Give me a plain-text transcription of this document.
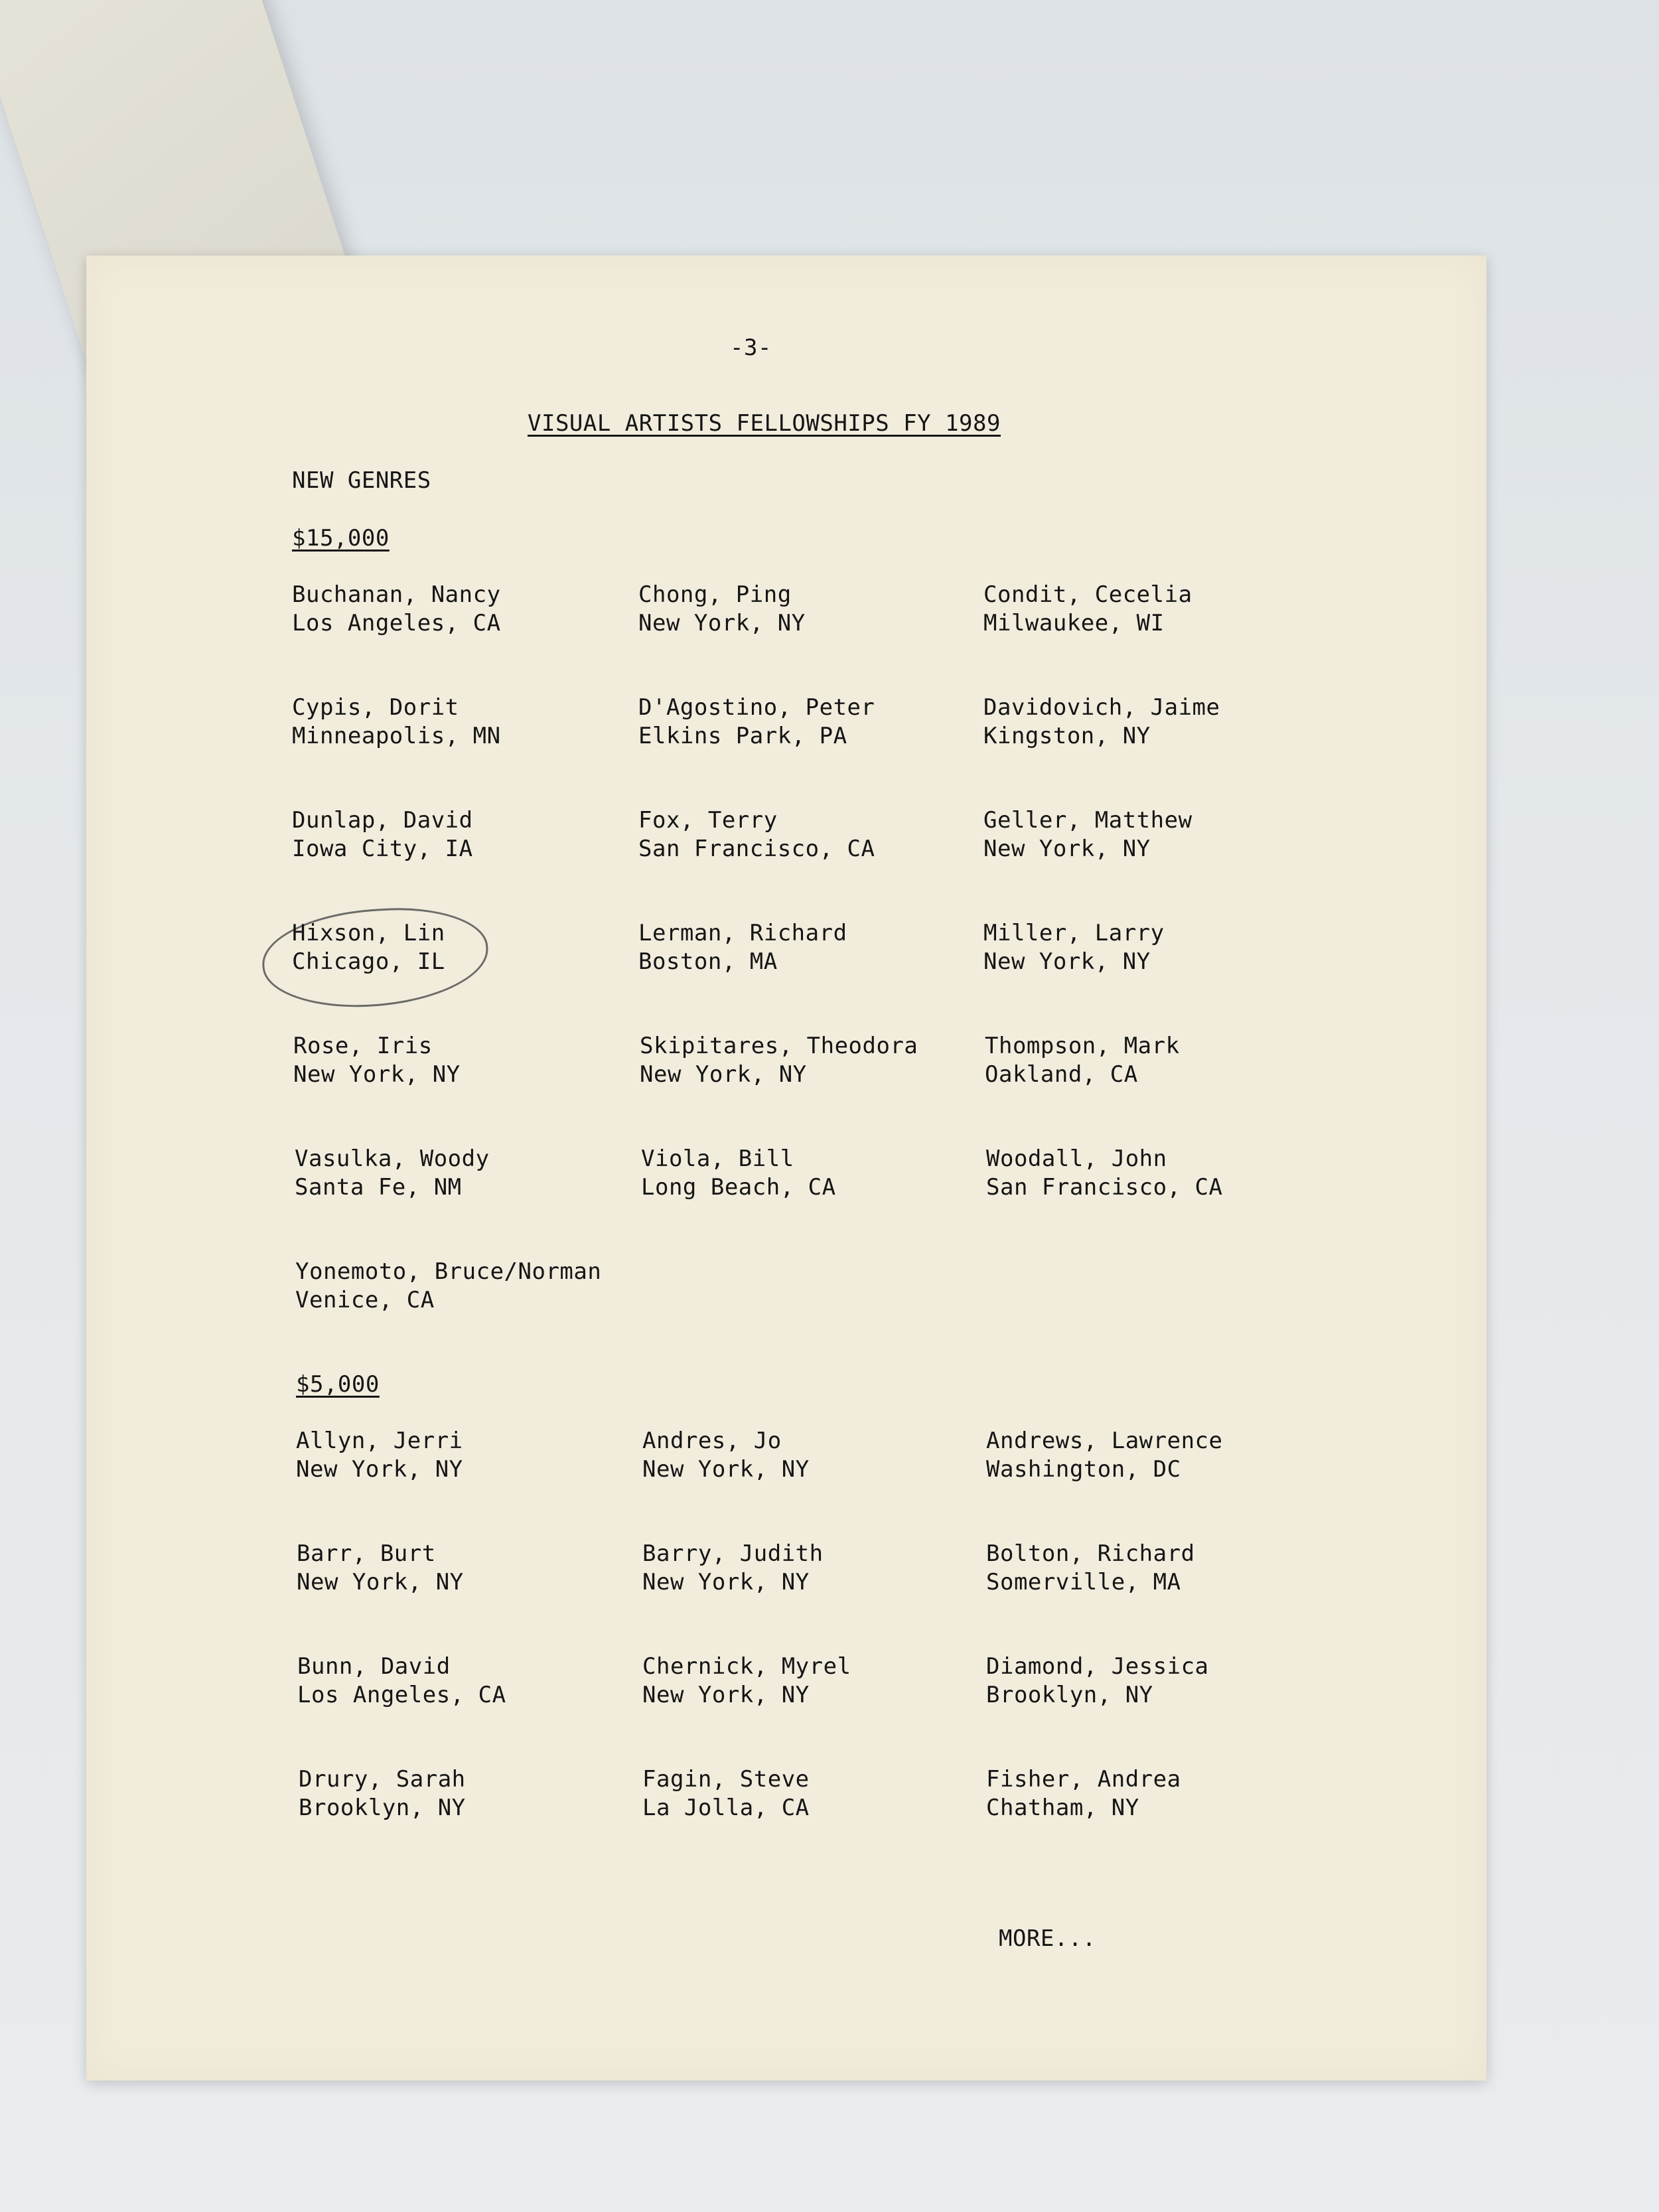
-3-
VISUAL ARTISTS FELLOWSHIPS FY 1989
NEW GENRES
$15,000
Buchanan, Nancy
Los Angeles, CA
Chong, Ping
New York, NY
Condit, Cecelia
Milwaukee, WI
Cypis, Dorit
Minneapolis, MN
D'Agostino, Peter
Elkins Park, PA
Davidovich, Jaime
Kingston, NY
Dunlap, David
Iowa City, IA
Fox, Terry
San Francisco, CA
Geller, Matthew
New York, NY
Hixson, Lin
Chicago, IL
Lerman, Richard
Boston, MA
Miller, Larry
New York, NY
Rose, Iris
New York, NY
Skipitares, Theodora
New York, NY
Thompson, Mark
Oakland, CA
Vasulka, Woody
Santa Fe, NM
Viola, Bill
Long Beach, CA
Woodall, John
San Francisco, CA
Yonemoto, Bruce/Norman
Venice, CA
$5,000
Allyn, Jerri
New York, NY
Andres, Jo
New York, NY
Andrews, Lawrence
Washington, DC
Barr, Burt
New York, NY
Barry, Judith
New York, NY
Bolton, Richard
Somerville, MA
Bunn, David
Los Angeles, CA
Chernick, Myrel
New York, NY
Diamond, Jessica
Brooklyn, NY
Drury, Sarah
Brooklyn, NY
Fagin, Steve
La Jolla, CA
Fisher, Andrea
Chatham, NY
MORE...
